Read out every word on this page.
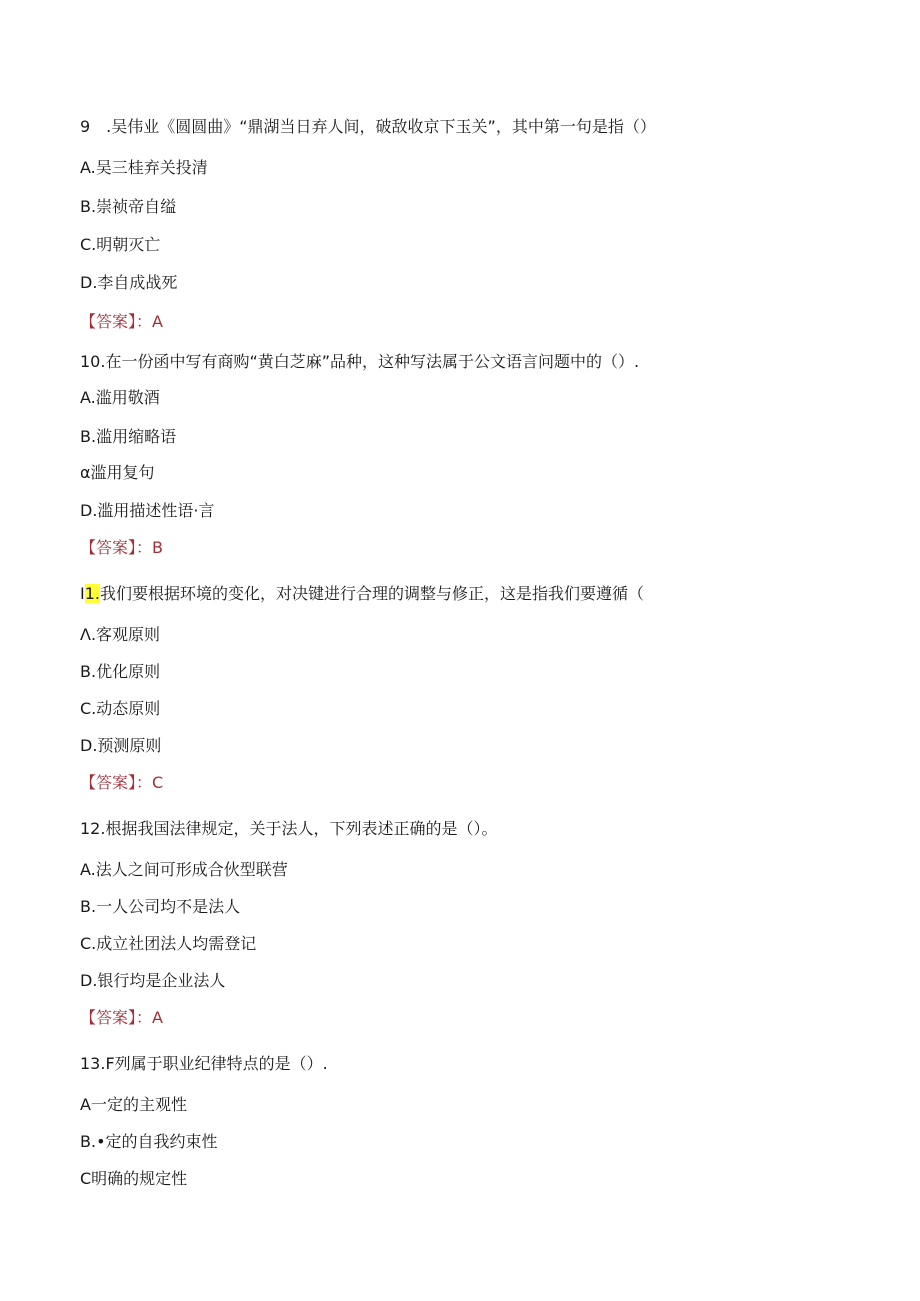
9　.吴伟业《圆圆曲》“鼎湖当日弃人间，破敌收京下玉关”，其中第一句是指（）
A.吴三桂弃关投清
B.崇祯帝自缢
C.明朝灭亡
D.李自成战死
【答案】：A
10.在一份函中写有商购“黄白芝麻”品种，这种写法属于公文语言问题中的（）.
A.滥用敬酒
B.滥用缩略语
α滥用复句
D.滥用描述性语·言
【答案】：B
I1.我们要根据环境的变化，对决键进行合理的调整与修正，这是指我们要遵循（
Λ.客观原则
B.优化原则
C.动态原则
D.预测原则
【答案】：C
12.根据我国法律规定，关于法人，下列表述正确的是（）。
A.法人之间可形成合伙型联营
B.一人公司均不是法人
C.成立社团法人均需登记
D.银行均是企业法人
【答案】：A
13.F列属于职业纪律特点的是（）.
A一定的主观性
B.•定的自我约束性
C明确的规定性
